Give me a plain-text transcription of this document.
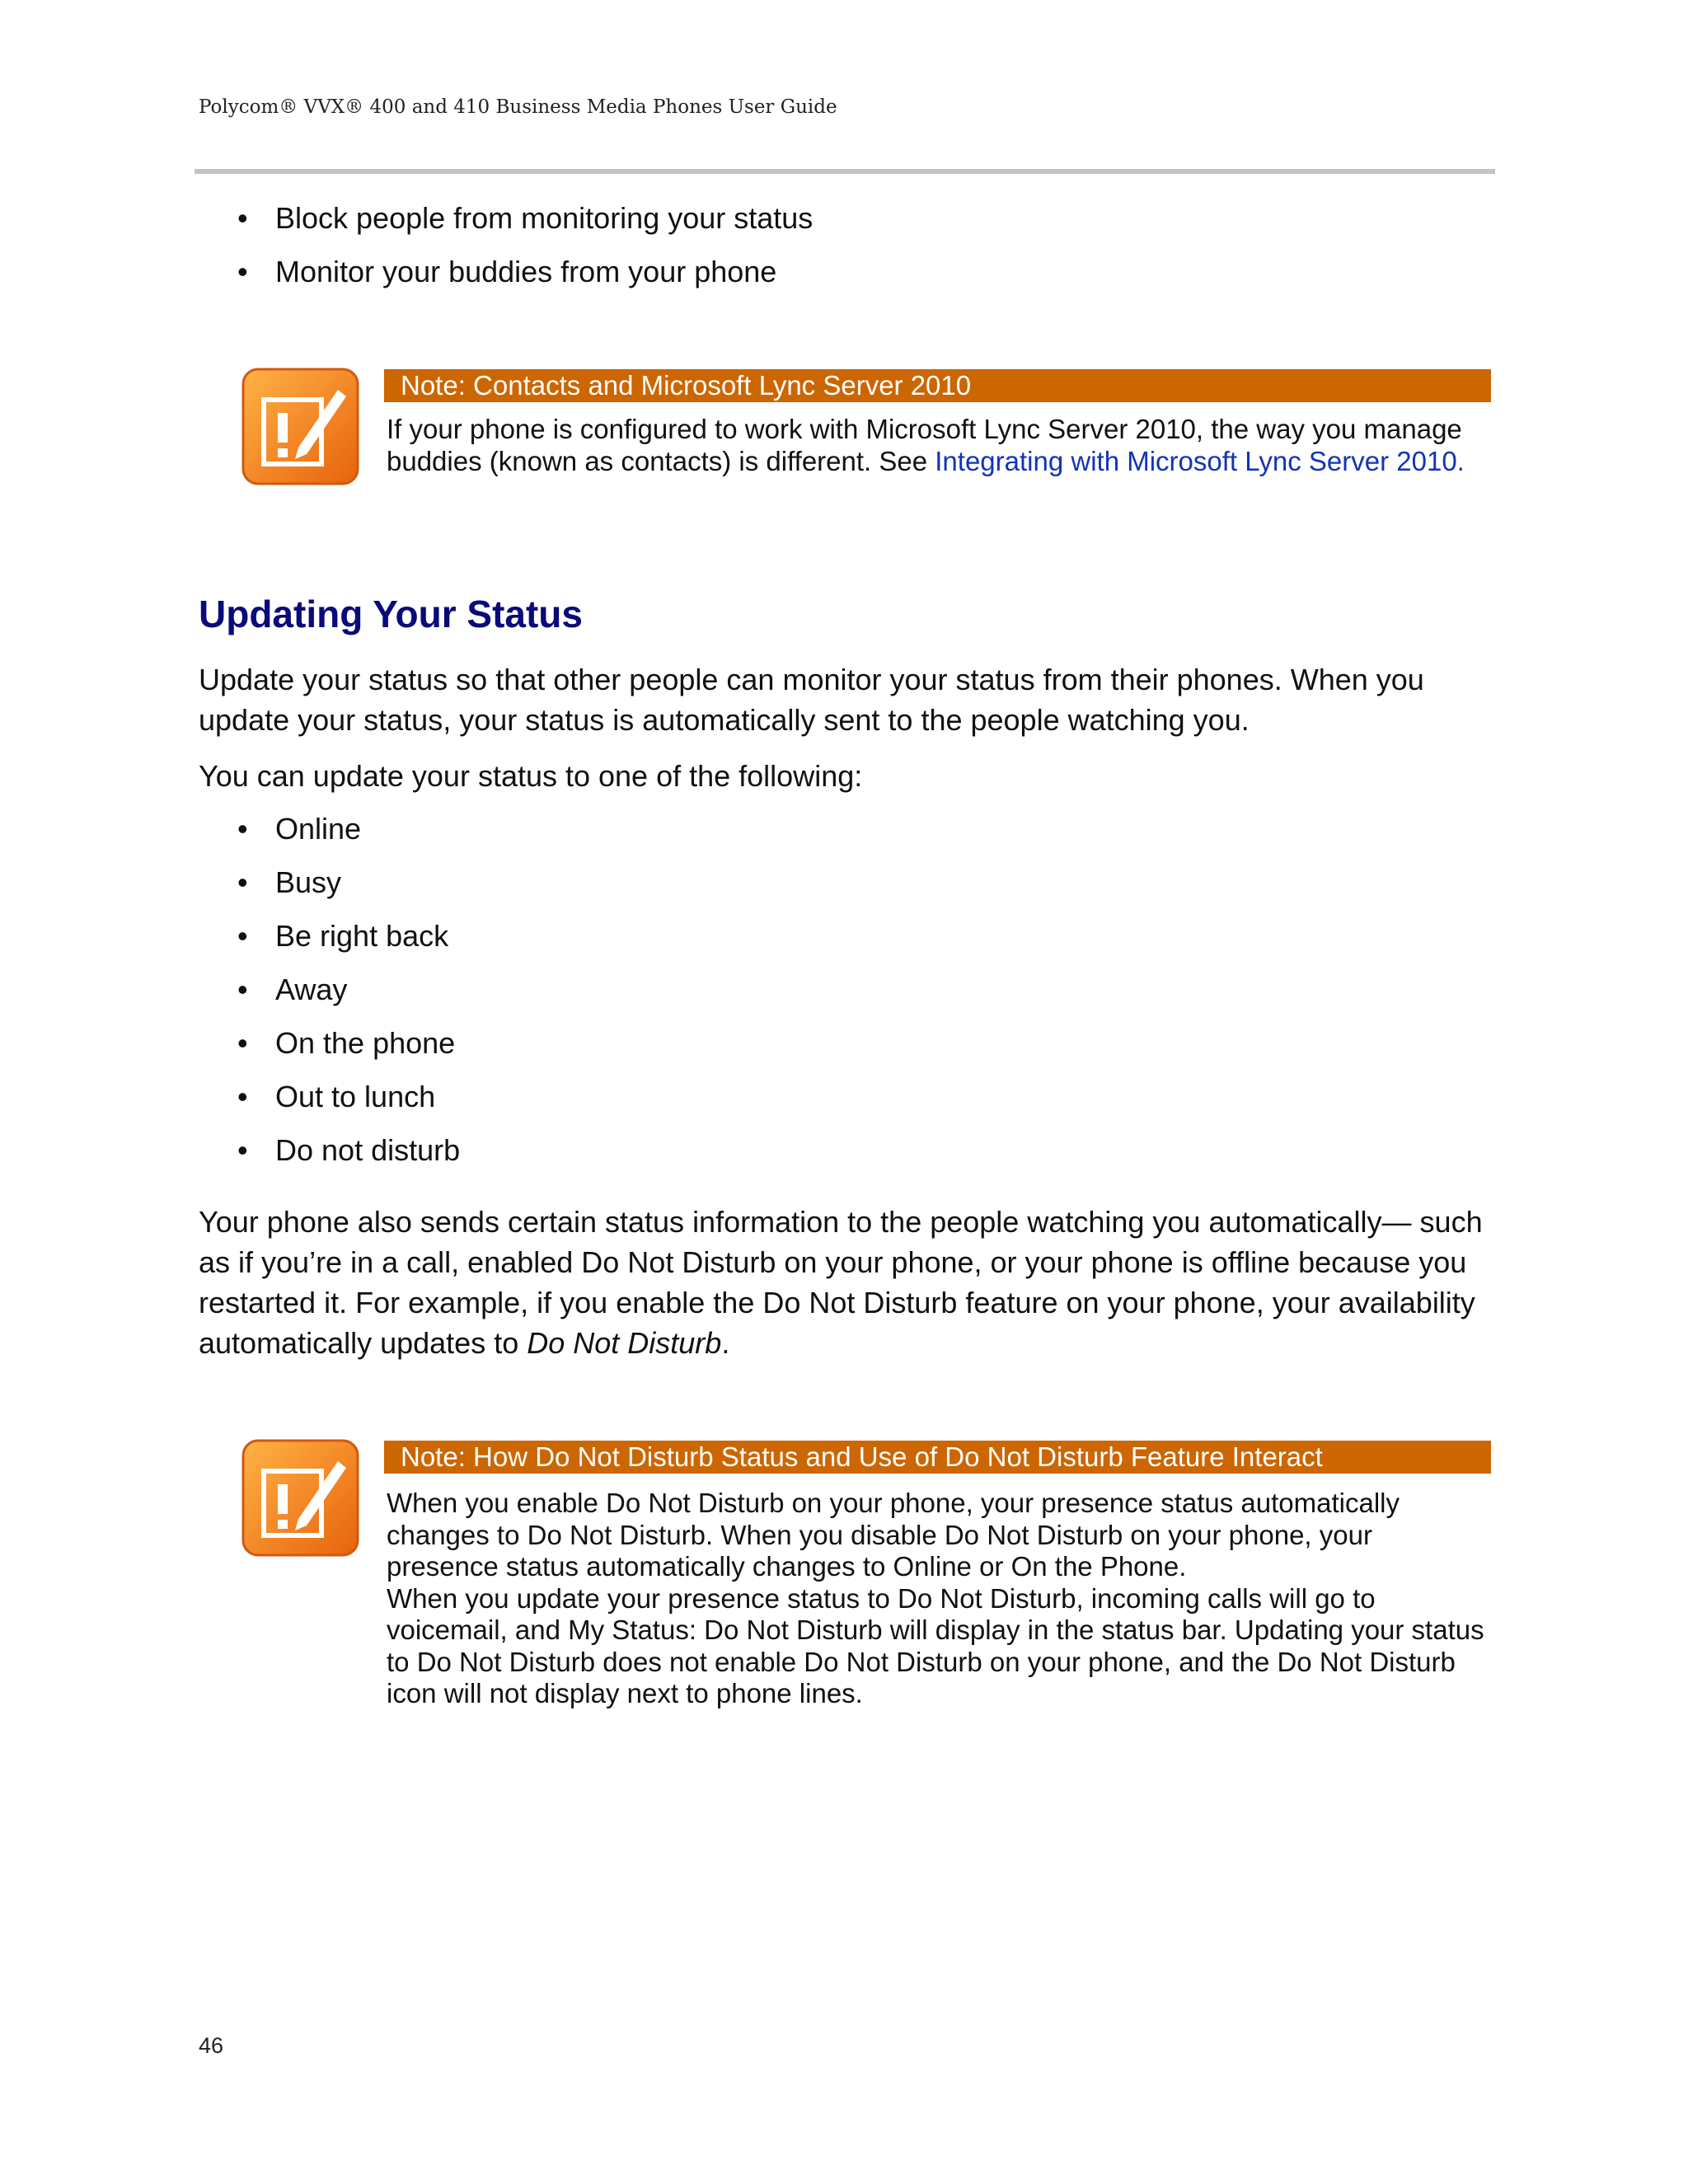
Polycom® VVX® 400 and 410 Business Media Phones User Guide
• Block people from monitoring your status
• Monitor your buddies from your phone
Note: Contacts and Microsoft Lync Server 2010
If your phone is configured to work with Microsoft Lync Server 2010, the way you manage buddies (known as contacts) is different. See Integrating with Microsoft Lync Server 2010.
Updating Your Status

Update your status so that other people can monitor your status from their phones. When you update your status, your status is automatically sent to the people watching you.

You can update your status to one of the following:

• Online
• Busy
• Be right back
• Away
• On the phone
• Out to lunch
• Do not disturb

Your phone also sends certain status information to the people watching you automatically— such as if you’re in a call, enabled Do Not Disturb on your phone, or your phone is offline because you restarted it. For example, if you enable the Do Not Disturb feature on your phone, your availability automatically updates to Do Not Disturb.

Note: How Do Not Disturb Status and Use of Do Not Disturb Feature Interact
When you enable Do Not Disturb on your phone, your presence status automatically changes to Do Not Disturb. When you disable Do Not Disturb on your phone, your presence status automatically changes to Online or On the Phone.
When you update your presence status to Do Not Disturb, incoming calls will go to voicemail, and My Status: Do Not Disturb will display in the status bar. Updating your status to Do Not Disturb does not enable Do Not Disturb on your phone, and the Do Not Disturb icon will not display next to phone lines.
46
